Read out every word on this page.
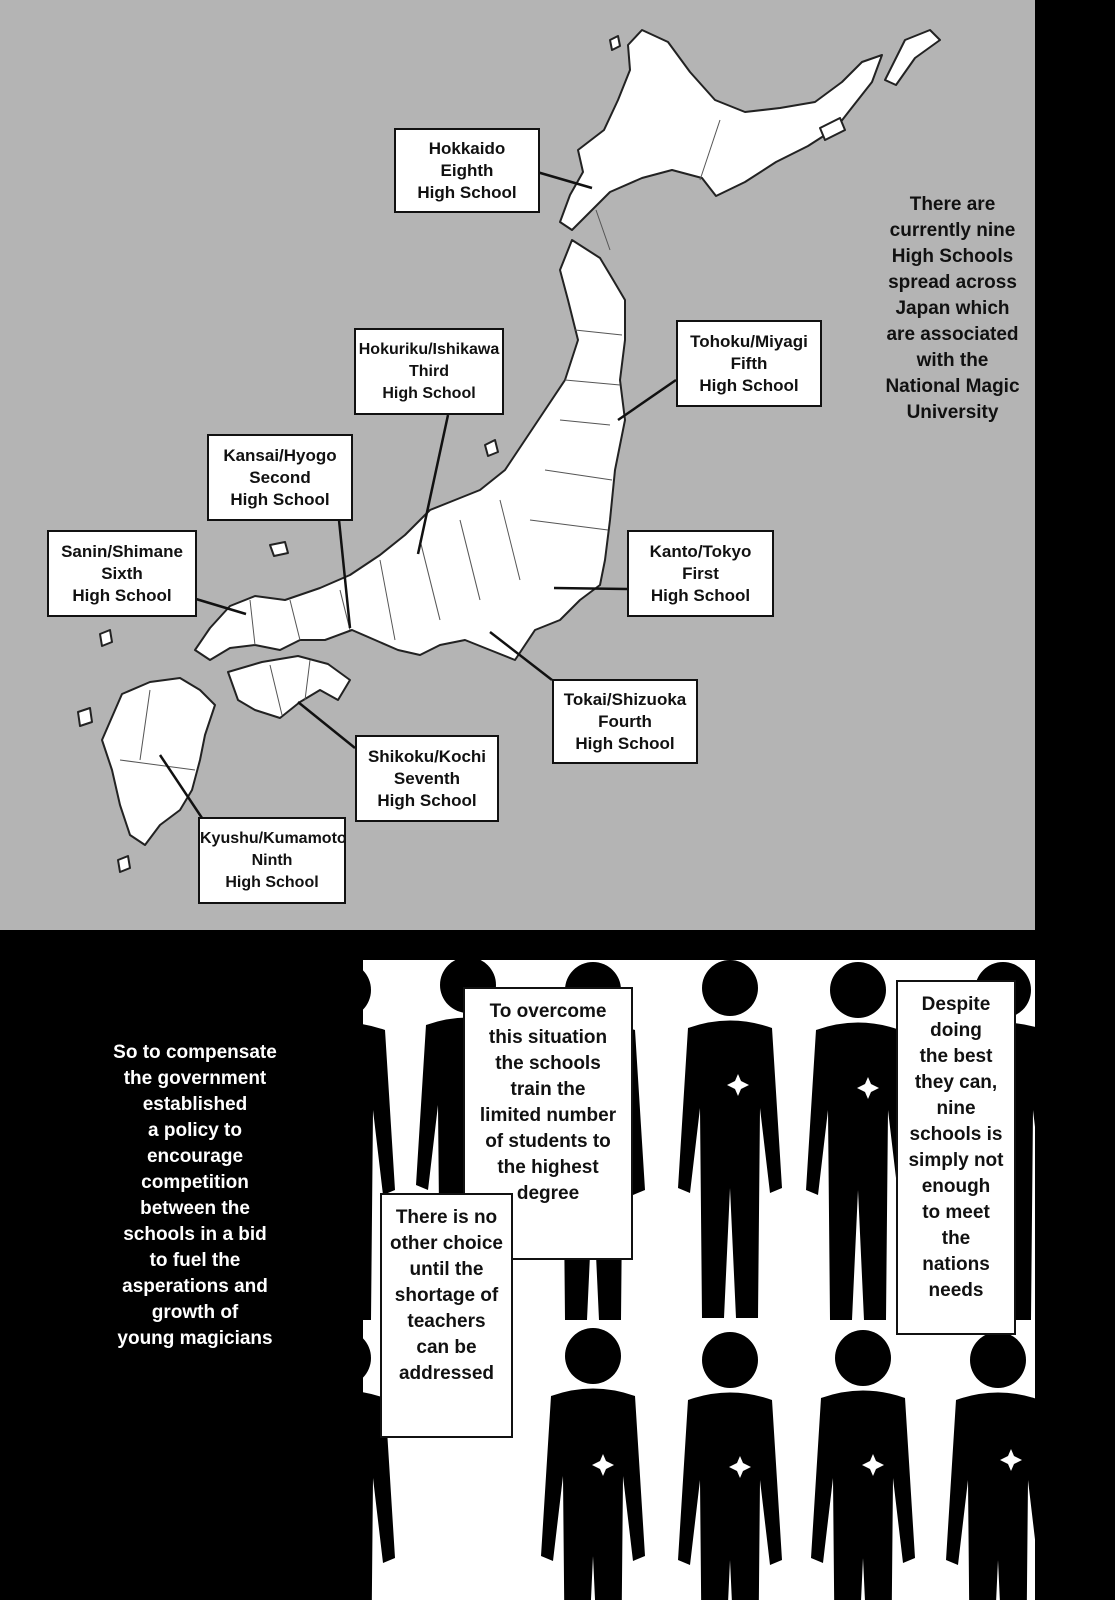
Hokkaido
Eighth
High School
Hokuriku/Ishikawa
Third
High School
Tohoku/Miyagi
Fifth
High School
Kansai/Hyogo
Second
High School
Sanin/Shimane
Sixth
High School
Kanto/Tokyo
First
High School
Tokai/Shizuoka
Fourth
High School
Shikoku/Kochi
Seventh
High School
Kyushu/Kumamoto
Ninth
High School
There are
currently nine
High Schools
spread across
Japan which
are associated
with the
National Magic
University
So to compensate
the government
established
a policy to
encourage
competition
between the
schools in a bid
to fuel the
asperations and
growth of
young magicians
To overcome
this situation
the schools
train the
limited number
of students to
the highest
degree
There is no
other choice
until the
shortage of
teachers
can be
addressed
Despite
doing
the best
they can,
nine
schools is
simply not
enough
to meet
the
nations
needs
